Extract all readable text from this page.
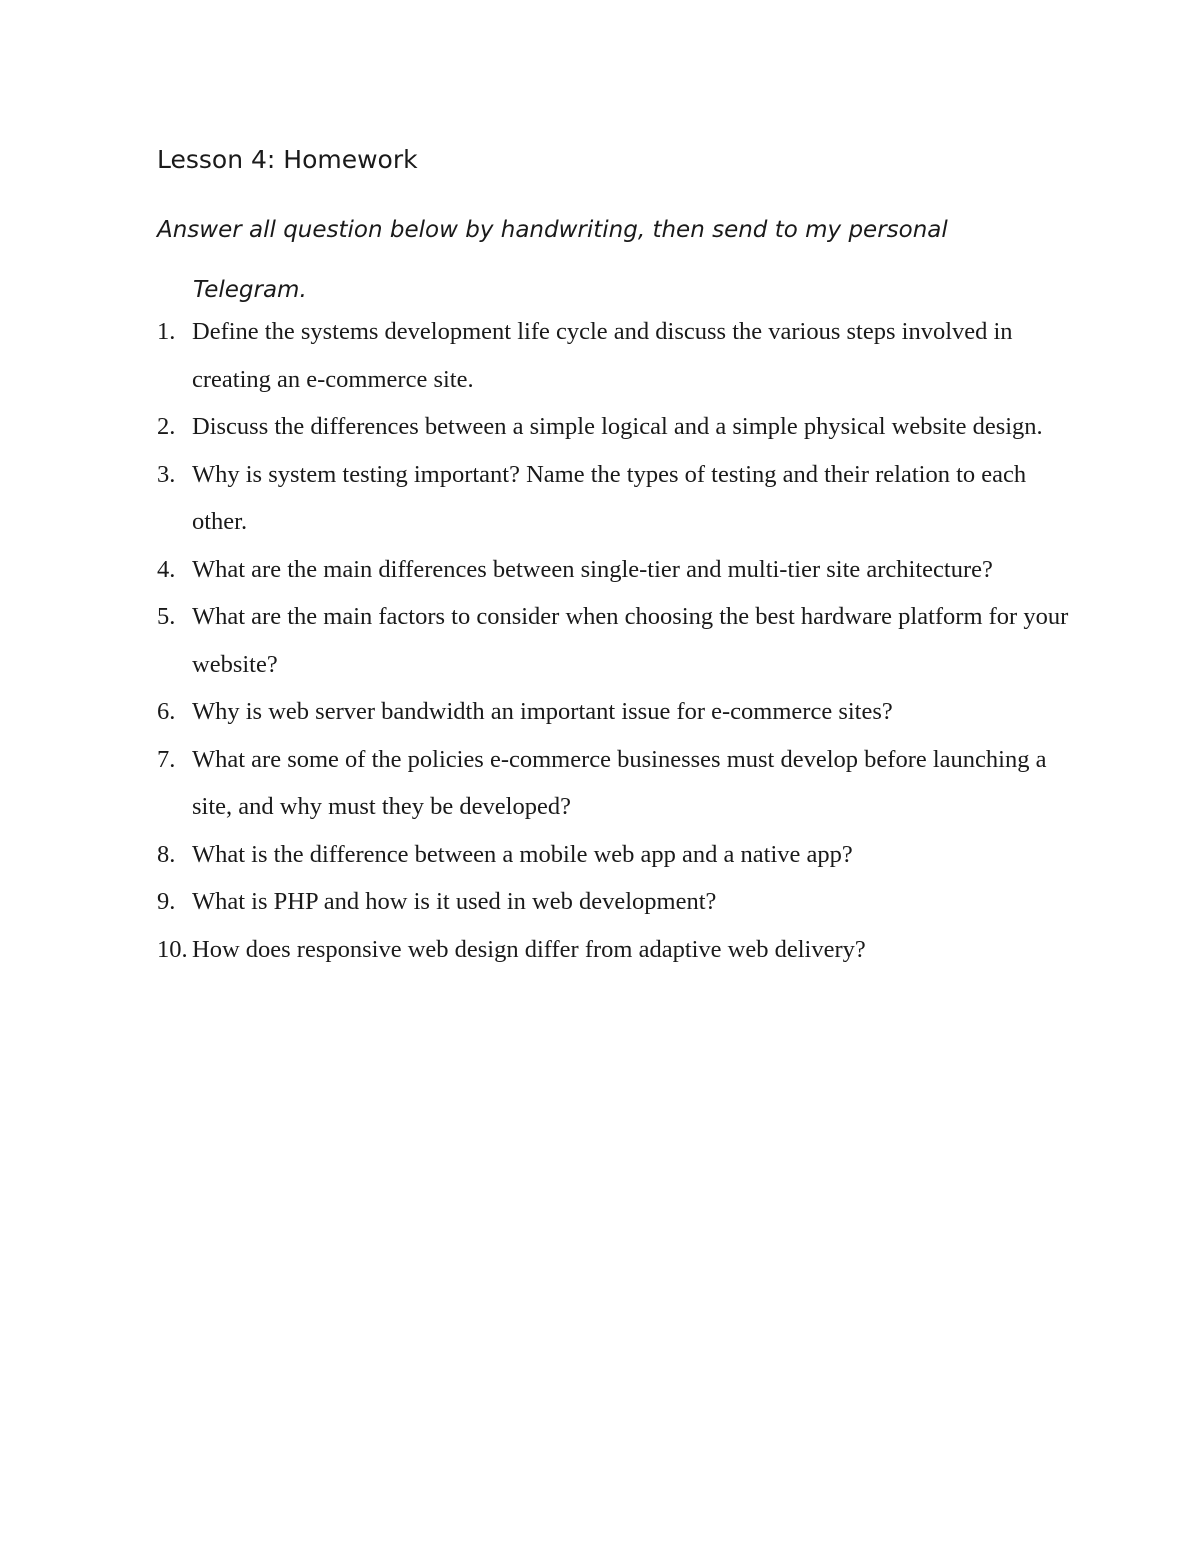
Lesson 4: Homework

Answer all question below by handwriting, then send to my personal
Telegram.

1. Define the systems development life cycle and discuss the various steps involved in creating an e-commerce site.
2. Discuss the differences between a simple logical and a simple physical website design.
3. Why is system testing important? Name the types of testing and their relation to each other.
4. What are the main differences between single-tier and multi-tier site architecture?
5. What are the main factors to consider when choosing the best hardware platform for your website?
6. Why is web server bandwidth an important issue for e-commerce sites?
7. What are some of the policies e-commerce businesses must develop before launching a site, and why must they be developed?
8. What is the difference between a mobile web app and a native app?
9. What is PHP and how is it used in web development?
10. How does responsive web design differ from adaptive web delivery?
